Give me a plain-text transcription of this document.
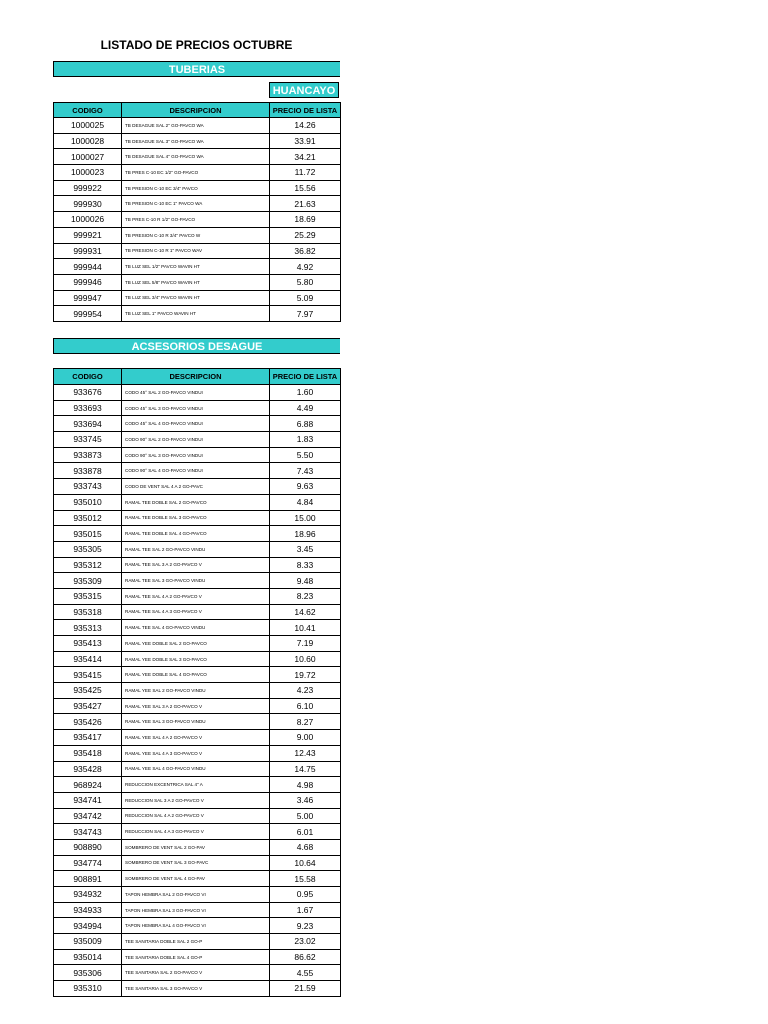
LISTADO DE PRECIOS OCTUBRE
TUBERIAS
HUANCAYO
CODIGO	DESCRIPCION	PRECIO DE LISTA
1000025	TB DESAGUE SAL 2" GO-PAVCO WA	14.26
1000028	TB DESAGUE SAL 3" GO-PAVCO WA	33.91
1000027	TB DESAGUE SAL 4" GO-PAVCO WA	34.21
1000023	TB PRES C-10 EC 1/2" GO-PAVCO	11.72
999922	TB PRESION C-10 EC 3/4" PAVCO	15.56
999930	TB PRESION C-10 EC 1" PAVCO WA	21.63
1000026	TB PRES C-10 R 1/2" GO-PAVCO	18.69
999921	TB PRESION C-10 R 3/4" PAVCO W	25.29
999931	TB PRESION C-10 R 1" PAVCO WAV	36.82
999944	TB LUZ SEL 1/2" PAVCO WAVIN HT	4.92
999946	TB LUZ SEL 5/8" PAVCO WAVIN HT	5.80
999947	TB LUZ SEL 3/4" PAVCO WAVIN HT	5.09
999954	TB LUZ SEL 1" PAVCO WAVIN HT	7.97
ACSESORIOS DESAGUE
CODIGO	DESCRIPCION	PRECIO DE LISTA
933676	CODO 45° SAL 2 GO-PAVCO VINDUI	1.60
933693	CODO 45° SAL 3 GO-PAVCO VINDUI	4.49
933694	CODO 45° SAL 4 GO-PAVCO VINDUI	6.88
933745	CODO 90° SAL 2 GO-PAVCO VINDUI	1.83
933873	CODO 90° SAL 3 GO-PAVCO VINDUI	5.50
933878	CODO 90° SAL 4 GO-PAVCO VINDUI	7.43
933743	CODO DE VENT SAL 4 A 2 GO-PAVC	9.63
935010	RAMAL TEE DOBLE SAL 2 GO-PAVCO	4.84
935012	RAMAL TEE DOBLE SAL 3 GO-PAVCO	15.00
935015	RAMAL TEE DOBLE SAL 4 GO-PAVCO	18.96
935305	RAMAL TEE SAL 2 GO-PAVCO VINDU	3.45
935312	RAMAL TEE SAL 3 A 2 GO-PAVCO V	8.33
935309	RAMAL TEE SAL 3 GO-PAVCO VINDU	9.48
935315	RAMAL TEE SAL 4 A 2 GO-PAVCO V	8.23
935318	RAMAL TEE SAL 4 A 3 GO-PAVCO V	14.62
935313	RAMAL TEE SAL 4 GO-PAVCO VINDU	10.41
935413	RAMAL YEE DOBLE SAL 2 GO-PAVCO	7.19
935414	RAMAL YEE DOBLE SAL 3 GO-PAVCO	10.60
935415	RAMAL YEE DOBLE SAL 4 GO-PAVCO	19.72
935425	RAMAL YEE SAL 2 GO-PAVCO VINDU	4.23
935427	RAMAL YEE SAL 3 A 2 GO-PAVCO V	6.10
935426	RAMAL YEE SAL 3 GO-PAVCO VINDU	8.27
935417	RAMAL YEE SAL 4 A 2 GO-PAVCO V	9.00
935418	RAMAL YEE SAL 4 A 3 GO-PAVCO V	12.43
935428	RAMAL YEE SAL 4 GO-PAVCO VINDU	14.75
968924	REDUCCION EXCENTRICA SAL 4" A	4.98
934741	REDUCCION SAL 3 A 2 GO-PAVCO V	3.46
934742	REDUCCION SAL 4 A 2 GO-PAVCO V	5.00
934743	REDUCCION SAL 4 A 3 GO-PAVCO V	6.01
908890	SOMBRERO DE VENT SAL 2 GO-PAV	4.68
934774	SOMBRERO DE VENT SAL 3 GO-PAVC	10.64
908891	SOMBRERO DE VENT SAL 4 GO-PAV	15.58
934932	TAPON HEMBRA SAL 2 GO-PAVCO VI	0.95
934933	TAPON HEMBRA SAL 3 GO-PAVCO VI	1.67
934994	TAPON HEMBRA SAL 4 GO-PAVCO VI	9.23
935009	TEE SANITARIA DOBLE SAL 2 GO-P	23.02
935014	TEE SANITARIA DOBLE SAL 4 GO-P	86.62
935306	TEE SANITARIA SAL 2 GO-PAVCO V	4.55
935310	TEE SANITARIA SAL 3 GO-PAVCO V	21.59
